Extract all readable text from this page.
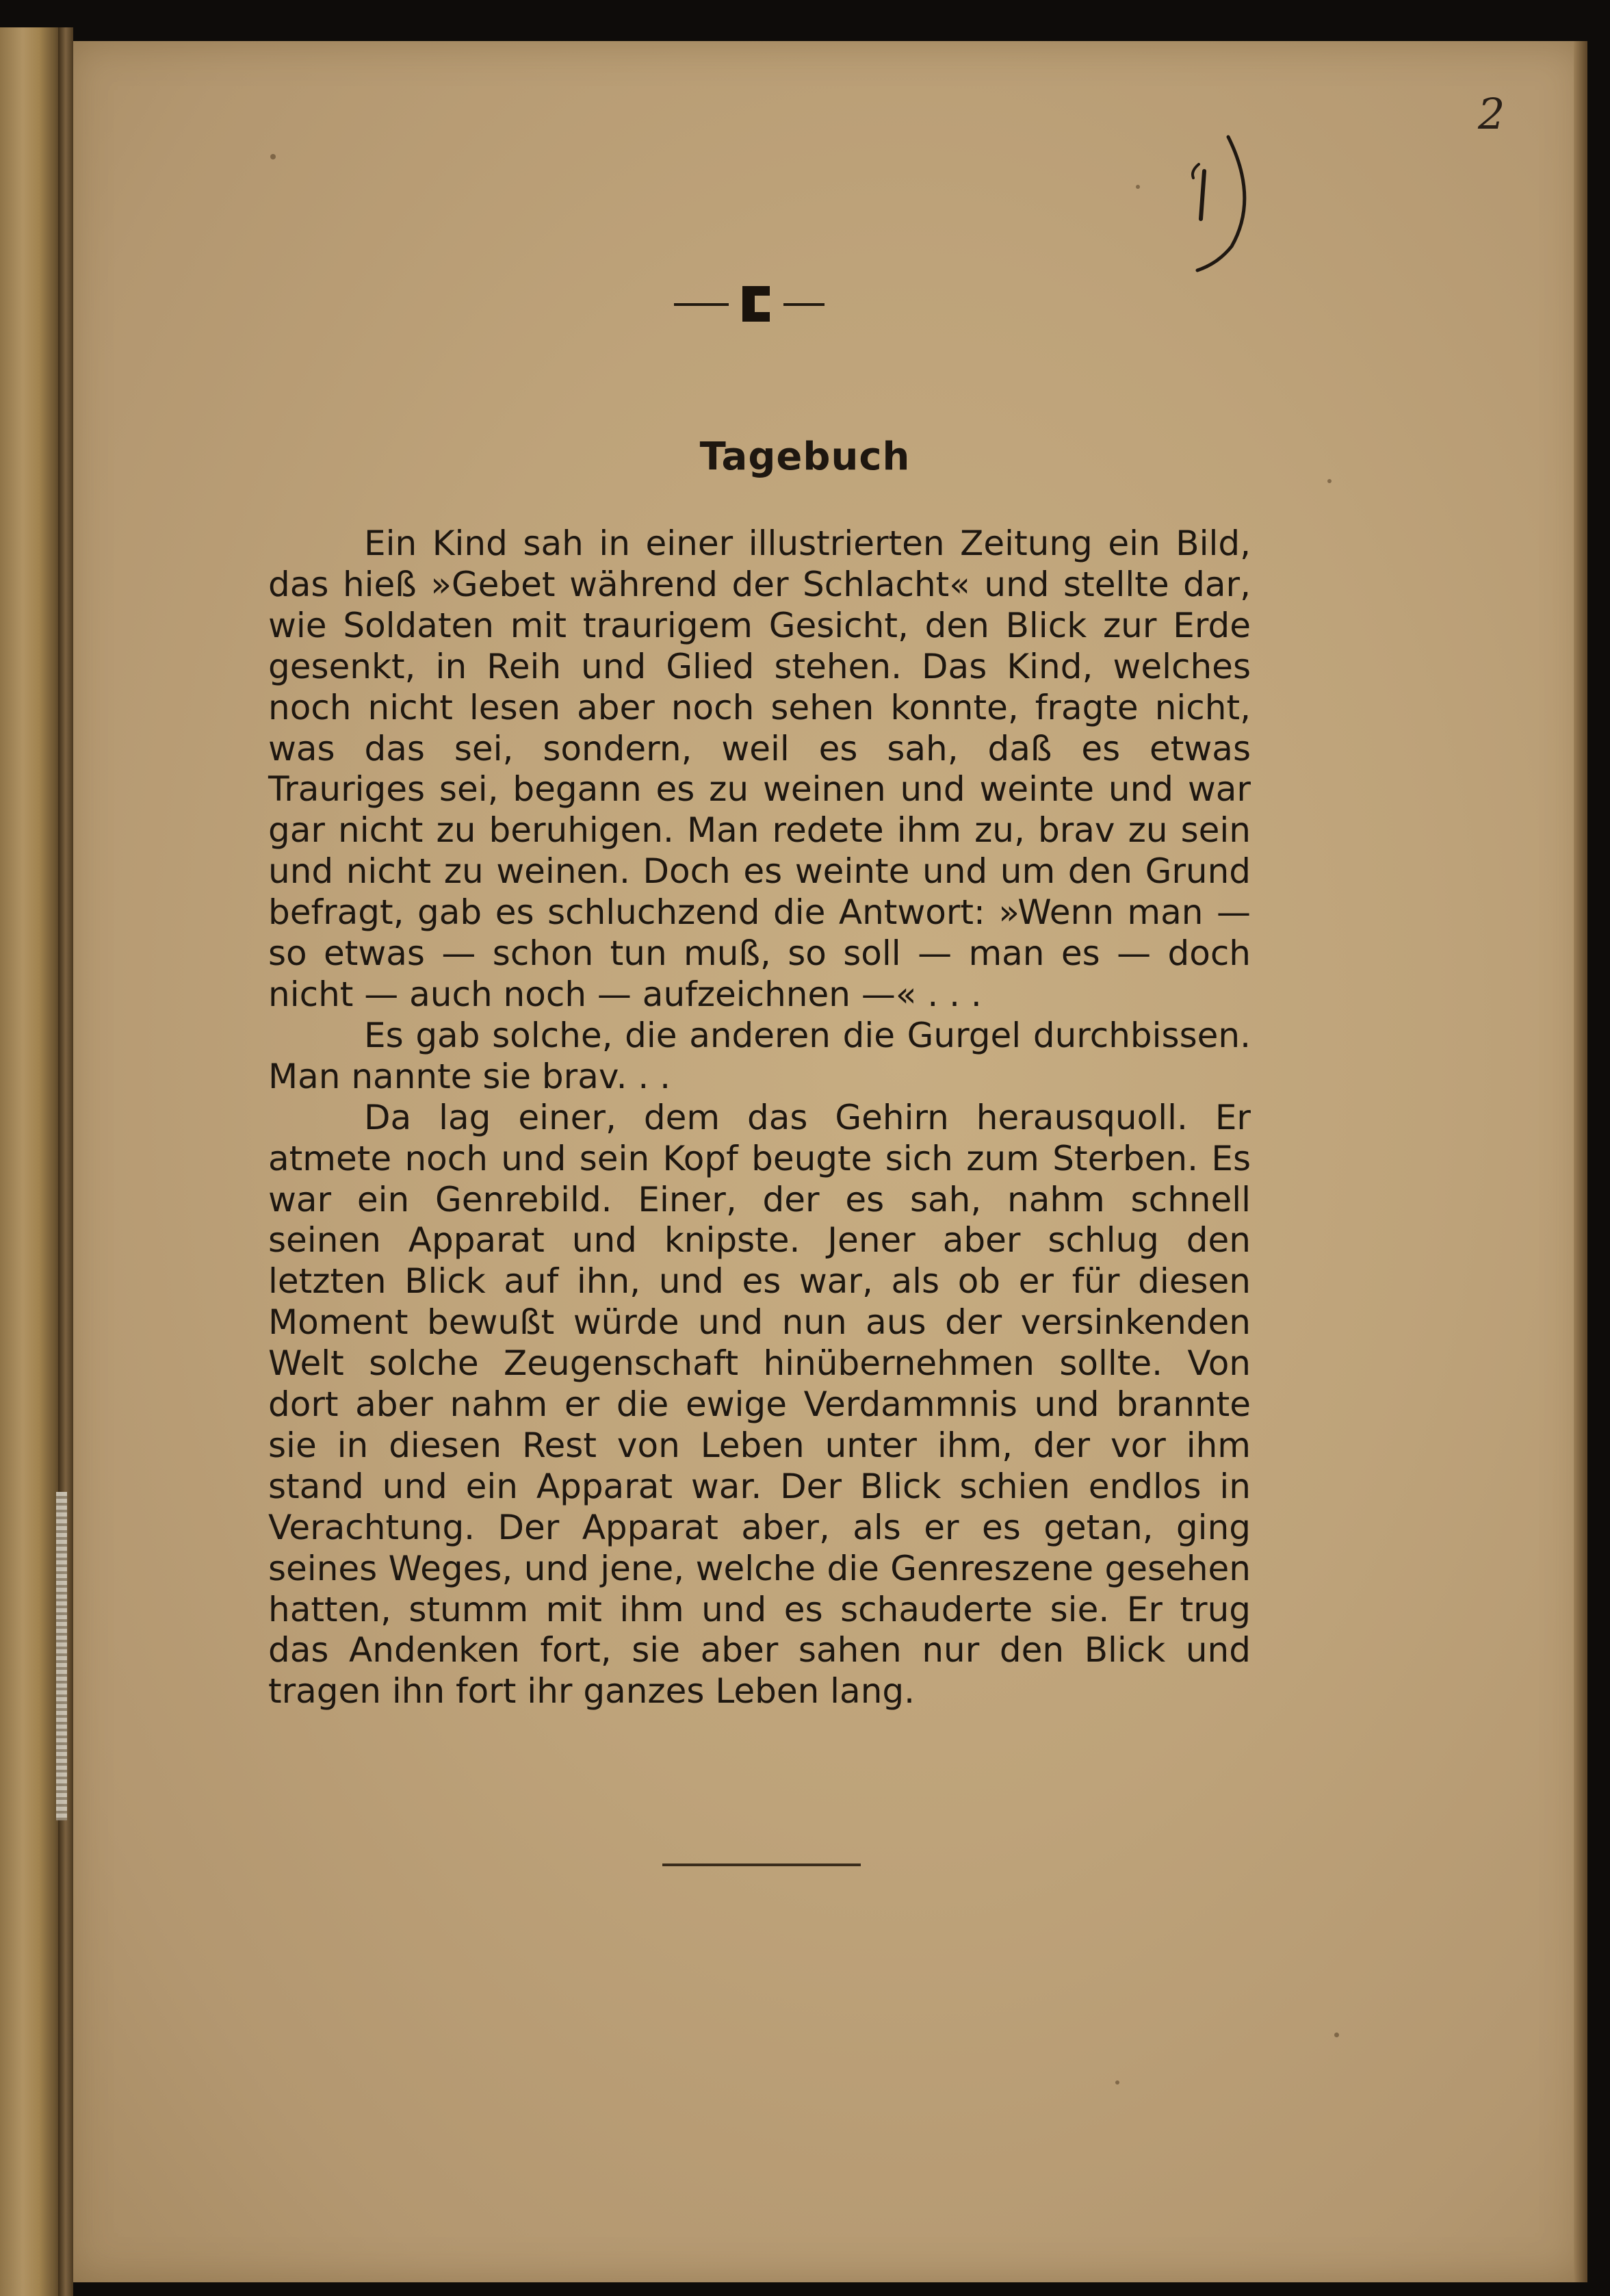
2
Tagebuch

Ein Kind sah in einer illustrierten Zeitung ein Bild, das hieß »Gebet während der Schlacht« und stellte dar, wie Soldaten mit traurigem Gesicht, den Blick zur Erde gesenkt, in Reih und Glied stehen. Das Kind, welches noch nicht lesen aber noch sehen konnte, fragte nicht, was das sei, sondern, weil es sah, daß es etwas Trauriges sei, begann es zu weinen und weinte und war gar nicht zu beruhigen. Man redete ihm zu, brav zu sein und nicht zu weinen. Doch es weinte und um den Grund befragt, gab es schluchzend die Antwort: »Wenn man — so etwas — schon tun muß, so soll — man es — doch nicht — auch noch — aufzeichnen —« . . .

Es gab solche, die anderen die Gurgel durchbissen. Man nannte sie brav. . .

Da lag einer, dem das Gehirn herausquoll. Er atmete noch und sein Kopf beugte sich zum Sterben. Es war ein Genrebild. Einer, der es sah, nahm schnell seinen Apparat und knipste. Jener aber schlug den letzten Blick auf ihn, und es war, als ob er für diesen Moment bewußt würde und nun aus der versinkenden Welt solche Zeugenschaft hinübernehmen sollte. Von dort aber nahm er die ewige Verdammnis und brannte sie in diesen Rest von Leben unter ihm, der vor ihm stand und ein Apparat war. Der Blick schien endlos in Verachtung. Der Apparat aber, als er es getan, ging seines Weges, und jene, welche die Genreszene gesehen hatten, stumm mit ihm und es schauderte sie. Er trug das Andenken fort, sie aber sahen nur den Blick und tragen ihn fort ihr ganzes Leben lang.
